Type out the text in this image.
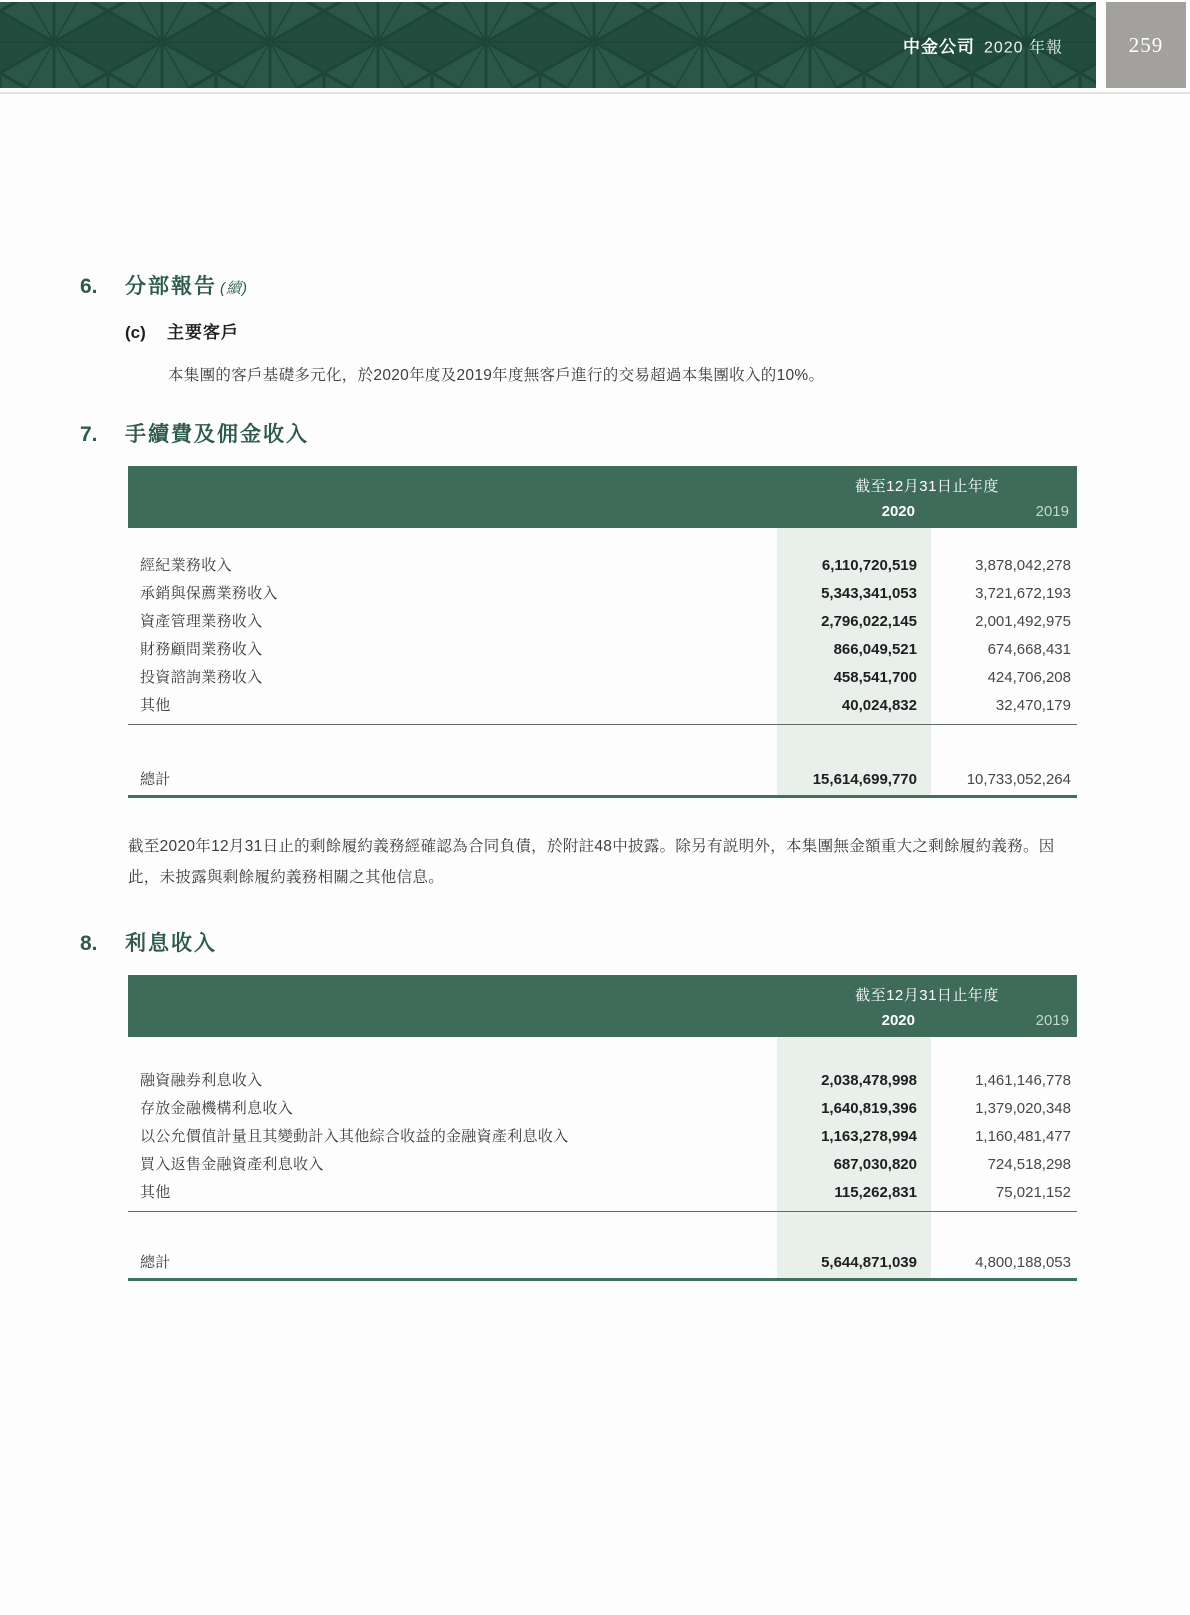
中金公司 2020 年報	259
6.	分部報告 (續)
(c)	主要客戶

本集團的客戶基礎多元化，於2020年度及2019年度無客戶進行的交易超過本集團收入的10%。

7.	手續費及佣金收入
截至12月31日止年度
2020	2019
經紀業務收入	6,110,720,519	3,878,042,278
承銷與保薦業務收入	5,343,341,053	3,721,672,193
資產管理業務收入	2,796,022,145	2,001,492,975
財務顧問業務收入	866,049,521	674,668,431
投資諮詢業務收入	458,541,700	424,706,208
其他	40,024,832	32,470,179
總計	15,614,699,770	10,733,052,264

截至2020年12月31日止的剩餘履約義務經確認為合同負債，於附註48中披露。除另有説明外，本集團無金額重大之剩餘履約義務。因此，未披露與剩餘履約義務相關之其他信息。

8.	利息收入
截至12月31日止年度
2020	2019
融資融券利息收入	2,038,478,998	1,461,146,778
存放金融機構利息收入	1,640,819,396	1,379,020,348
以公允價值計量且其變動計入其他綜合收益的金融資產利息收入	1,163,278,994	1,160,481,477
買入返售金融資產利息收入	687,030,820	724,518,298
其他	115,262,831	75,021,152
總計	5,644,871,039	4,800,188,053
